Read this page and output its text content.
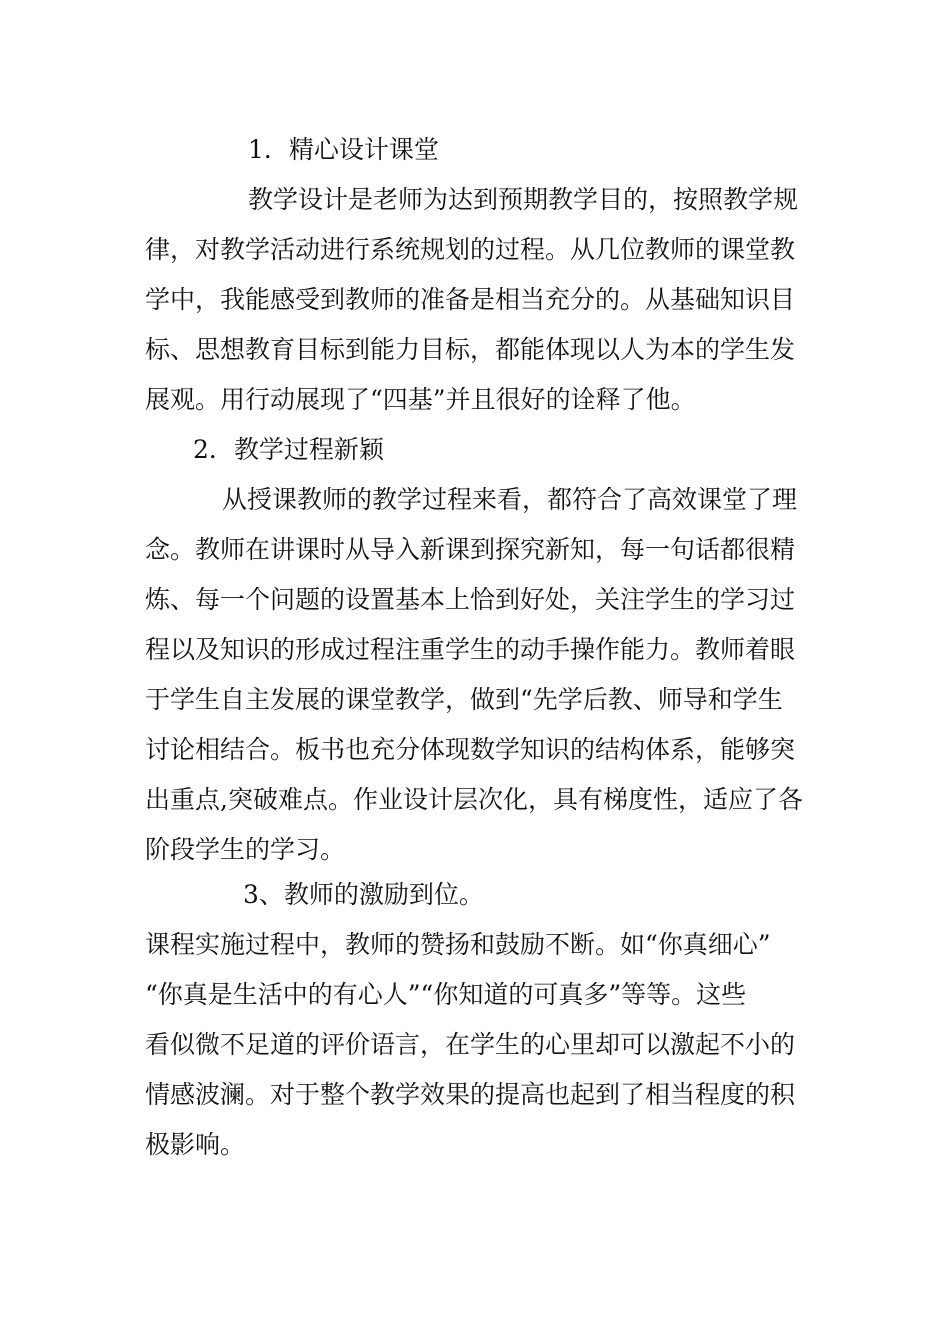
1．精心设计课堂
教学设计是老师为达到预期教学目的，按照教学规
律，对教学活动进行系统规划的过程。从几位教师的课堂教
学中，我能感受到教师的准备是相当充分的。从基础知识目
标、思想教育目标到能力目标，都能体现以人为本的学生发
展观。用行动展现了“四基”并且很好的诠释了他。
2．教学过程新颖
从授课教师的教学过程来看，都符合了高效课堂了理
念。教师在讲课时从导入新课到探究新知，每一句话都很精
炼、每一个问题的设置基本上恰到好处，关注学生的学习过
程以及知识的形成过程注重学生的动手操作能力。教师着眼
于学生自主发展的课堂教学，做到“先学后教、师导和学生
讨论相结合。板书也充分体现数学知识的结构体系，能够突
出重点,突破难点。作业设计层次化，具有梯度性，适应了各
阶段学生的学习。
3、教师的激励到位。
课程实施过程中，教师的赞扬和鼓励不断。如“你真细心”
“你真是生活中的有心人”“你知道的可真多”等等。这些
看似微不足道的评价语言，在学生的心里却可以激起不小的
情感波澜。对于整个教学效果的提高也起到了相当程度的积
极影响。
